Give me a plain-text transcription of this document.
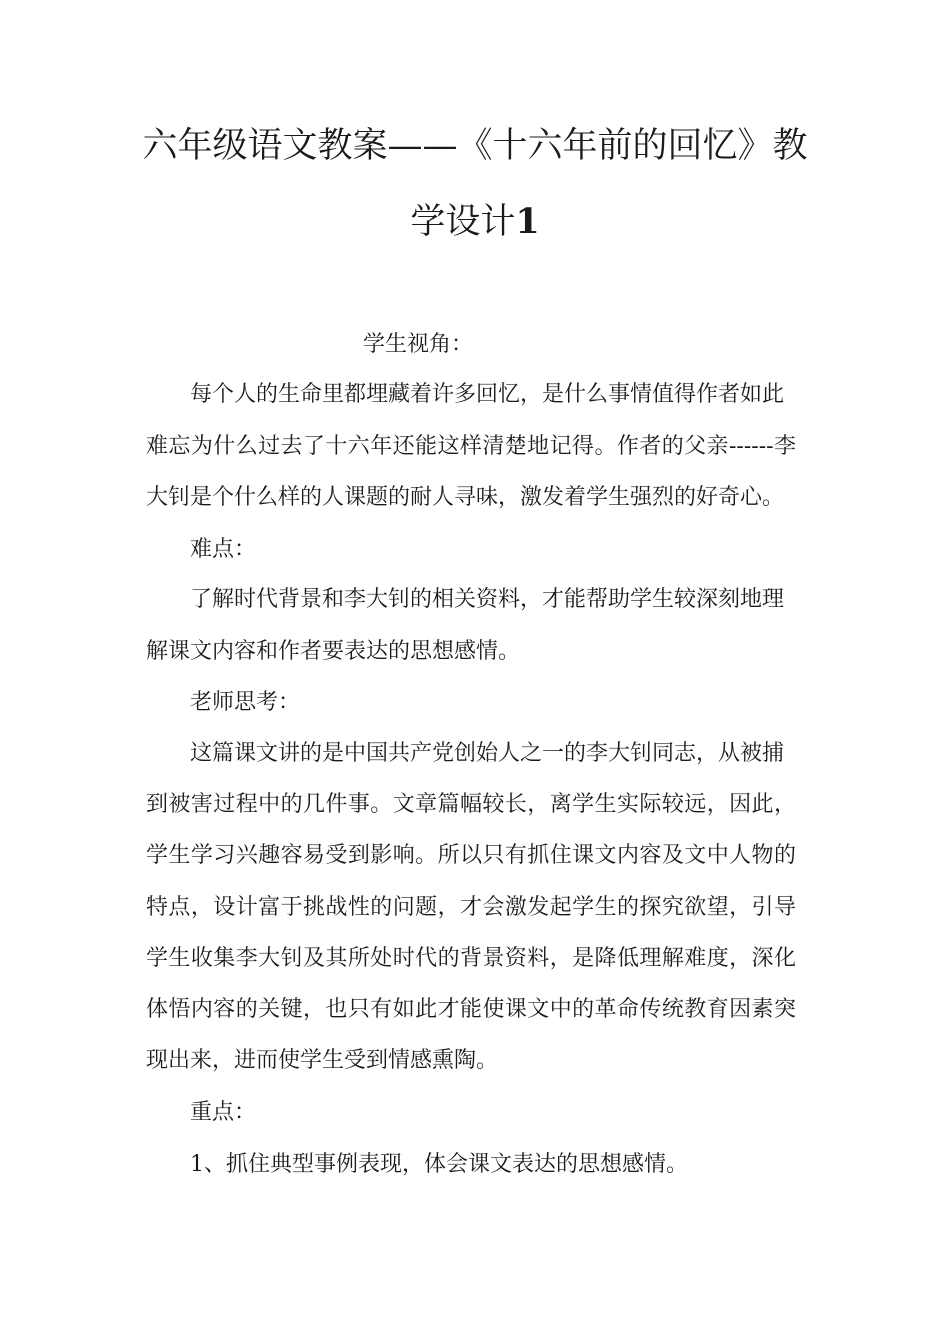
六年级语文教案——《十六年前的回忆》教
学设计1
学生视角：
每个人的生命里都埋藏着许多回忆，是什么事情值得作者如此
难忘为什么过去了十六年还能这样清楚地记得。作者的父亲------李
大钊是个什么样的人课题的耐人寻味，激发着学生强烈的好奇心。
难点：
了解时代背景和李大钊的相关资料，才能帮助学生较深刻地理
解课文内容和作者要表达的思想感情。
老师思考：
这篇课文讲的是中国共产党创始人之一的李大钊同志，从被捕
到被害过程中的几件事。文章篇幅较长，离学生实际较远，因此，
学生学习兴趣容易受到影响。所以只有抓住课文内容及文中人物的
特点，设计富于挑战性的问题，才会激发起学生的探究欲望，引导
学生收集李大钊及其所处时代的背景资料，是降低理解难度，深化
体悟内容的关键，也只有如此才能使课文中的革命传统教育因素突
现出来，进而使学生受到情感熏陶。
重点：
1、抓住典型事例表现，体会课文表达的思想感情。
